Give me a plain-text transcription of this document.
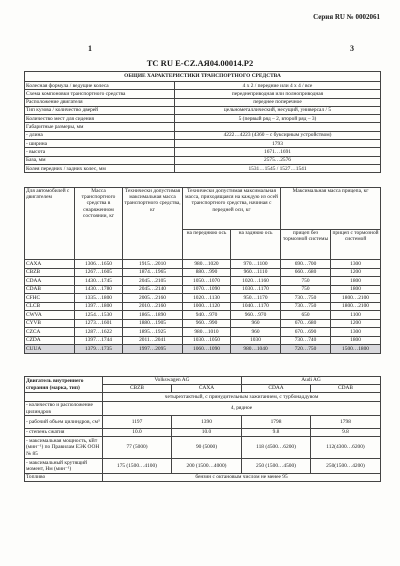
Серия RU № 0002061
1	3
TC RU E-CZ.AЯ04.00014.P2
ОБЩИЕ ХАРАКТЕРИСТИКИ ТРАНСПОРТНОГО СРЕДСТВА	
Колесная формула / ведущие колеса	4 x 2 / передние или 4 x 4 / все
Схема компоновки транспортного средства	переднеприводная или полноприводная
Расположение двигателя	переднее поперечное
Тип кузова / количество дверей	цельнометаллический, несущий, универсал / 5
Количество мест для сидения	5 (первый ряд – 2, второй ряд – 3)
Габаритные размеры, мм	
- длина	4222…4223 (4360 – с буксирным устройством)
- ширина	1793
- высота	1671…1691
База, мм	2575…2576
Колея передних / задних колес, мм	1531…1545 / 1527…1541
Для автомобилей с двигателем	Масса транспортного средства в снаряженном состоянии, кг	Технически допустимая максимальная масса транспортного средства, кг	Технически допустимая максимальная масса, приходящаяся на каждую из осей транспортного средства, начиная с передней оси, кг		Максимальная масса прицепа, кг	
			на переднюю ось	на заднюю ось	прицеп без тормозной системы	прицеп с тормозной системой
CAXA	1306…1650	1915…2010	980…1020	970…1100	690…700	1300
CBZB	1267…1605	1874…1965	880…990	960…1110	660…680	1200
CDAA	1430…1745	2045…2105	1050…1070	1020…1160	750	1800
CDAB	1430…1780	2045…2140	1070…1090	1030…1170	750	1800
CFHC	1335…1800	2005…2160	1020…1130	950…1170	730…750	1800…2100
CLCB	1397…1800	2010…2160	1000…1120	1040…1170	730…750	1800…2100
CWVA	1254…1530	1865…1890	940…970	960…970	650	1100
CYVB	1273…1601	1880…1905	960…990	960	670…680	1200
CZCA	1287…1622	1895…1925	980…1010	960	670…690	1300
CZDA	1397…1744	2011…2041	1030…1050	1030	730…740	1800
CUUA	1379…1735	1997…2095	1060…1090	980…1040	720…750	1500…1800
Двигатель внутреннего сгорания (марка, тип)	Volkswagen AG		Audi AG	
	CBZB	CAXA	CDAA	CDAB
	четырехтактный, с принудительным зажиганием, с турбонаддувом			
- количество и расположение цилиндров	4, рядное			
- рабочий объем цилиндров, см³	1197	1390	1798	1798
- степень сжатия	10.0	10.0	9.8	9.8
- максимальная мощность, кВт (мин⁻¹) по Правилам ЕЭК ООН № 85	77 (5000)	90 (5000)	118 (4500…6200)	112(4300…6200)
- максимальный крутящий момент, Нм (мин⁻¹)	175 (1500…4100)	200 (1500…4000)	250 (1500…4500)	250(1500…4200)
Топливо	бензин с октановым числом не менее 95			
